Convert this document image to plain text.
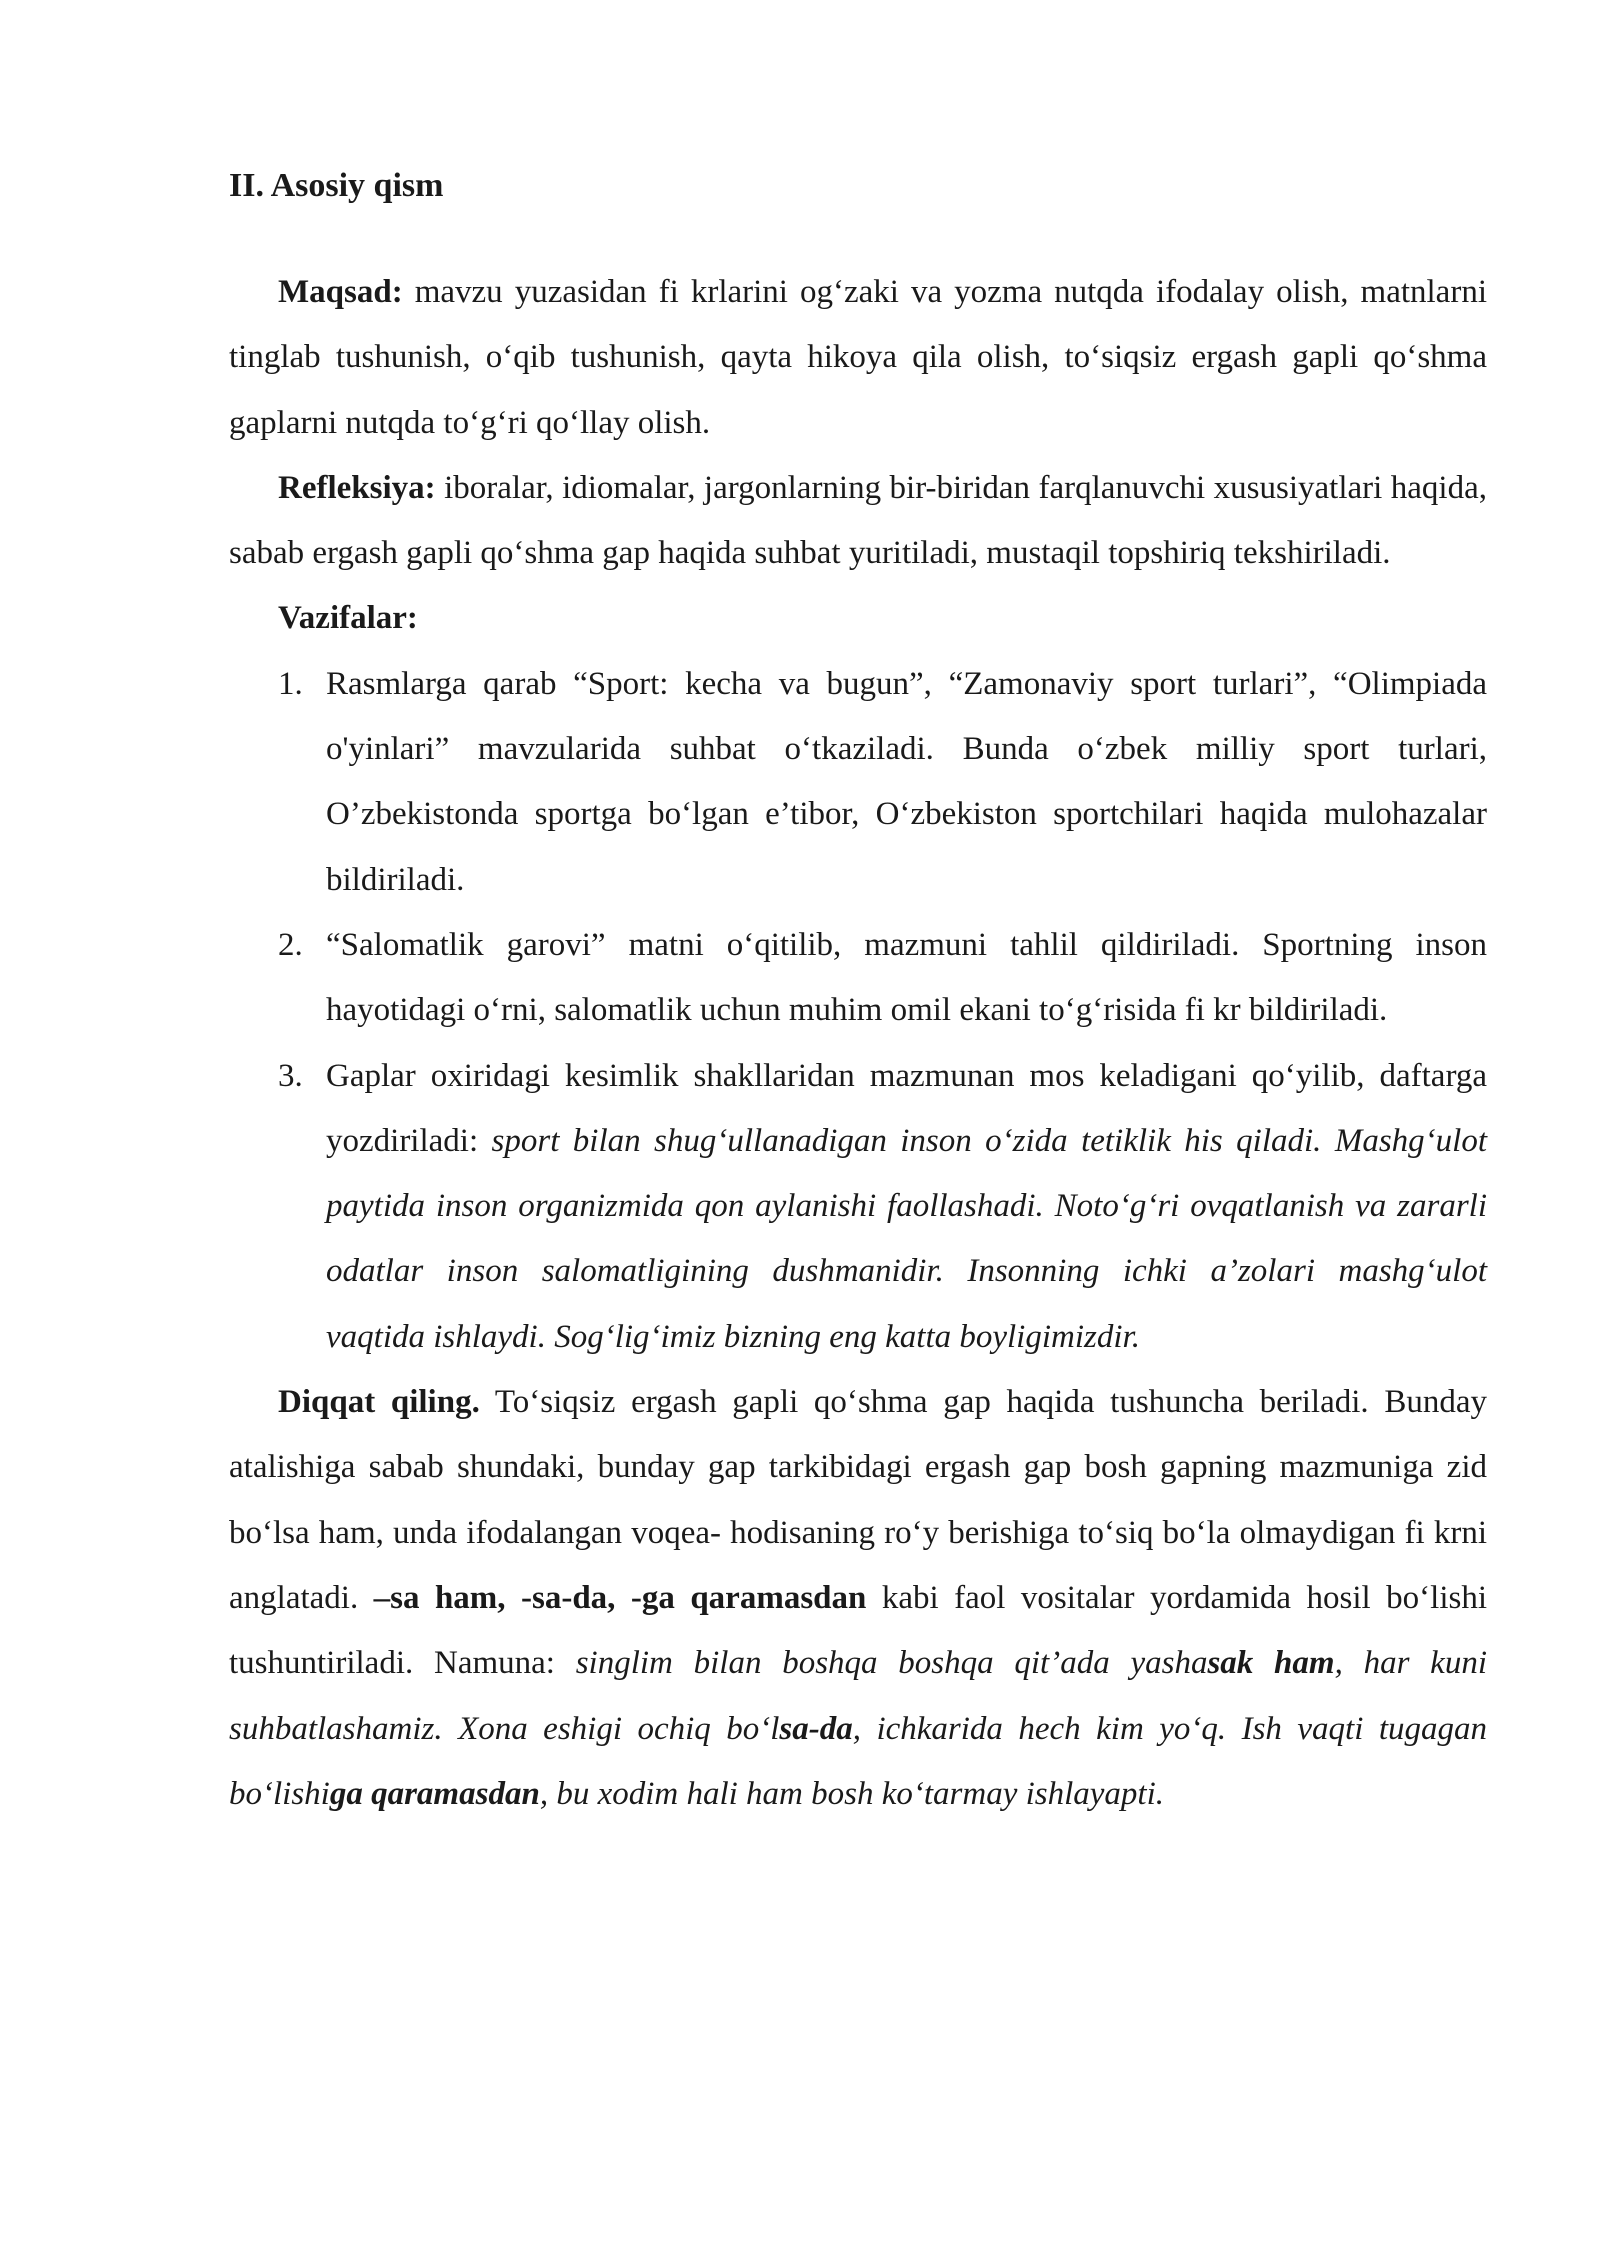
II. Asosiy qism

Maqsad: mavzu yuzasidan fi krlarini og‘zaki va yozma nutqda ifodalay olish, matnlarni tinglab tushunish, o‘qib tushunish, qayta hikoya qila olish, to‘siqsiz ergash gapli qo‘shma gaplarni nutqda to‘g‘ri qo‘llay olish.

Refleksiya: iboralar, idiomalar, jargonlarning bir-biridan farqlanuvchi xususiyatlari haqida, sabab ergash gapli qo‘shma gap haqida suhbat yuritiladi, mustaqil topshiriq tekshiriladi.

Vazifalar:

1. Rasmlarga qarab “Sport: kecha va bugun”, “Zamonaviy sport turlari”, “Olimpiada o'yinlari” mavzularida suhbat o‘tkaziladi. Bunda o‘zbek milliy sport turlari, O’zbekistonda sportga bo‘lgan e’tibor, O‘zbekiston sportchilari haqida mulohazalar bildiriladi.
2. “Salomatlik garovi” matni o‘qitilib, mazmuni tahlil qildiriladi. Sportning inson hayotidagi o‘rni, salomatlik uchun muhim omil ekani to‘g‘risida fi kr bildiriladi.
3. Gaplar oxiridagi kesimlik shakllaridan mazmunan mos keladigani qo‘yilib, daftarga yozdiriladi: sport bilan shug‘ullanadigan inson o‘zida tetiklik his qiladi. Mashg‘ulot paytida inson organizmida qon aylanishi faollashadi. Noto‘g‘ri ovqatlanish va zararli odatlar inson salomatligining dushmanidir. Insonning ichki a’zolari mashg‘ulot vaqtida ishlaydi. Sog‘lig‘imiz bizning eng katta boyligimizdir.

Diqqat qiling. To‘siqsiz ergash gapli qo‘shma gap haqida tushuncha beriladi. Bunday atalishiga sabab shundaki, bunday gap tarkibidagi ergash gap bosh gapning mazmuniga zid bo‘lsa ham, unda ifodalangan voqea- hodisaning ro‘y berishiga to‘siq bo‘la olmaydigan fi krni anglatadi. –sa ham, -sa-da, -ga qaramasdan kabi faol vositalar yordamida hosil bo‘lishi tushuntiriladi. Namuna: singlim bilan boshqa boshqa qit’ada yashasak ham, har kuni suhbatlashamiz. Xona eshigi ochiq bo‘lsa-da, ichkarida hech kim yo‘q. Ish vaqti tugagan bo‘lishiga qaramasdan, bu xodim hali ham bosh ko‘tarmay ishlayapti.
